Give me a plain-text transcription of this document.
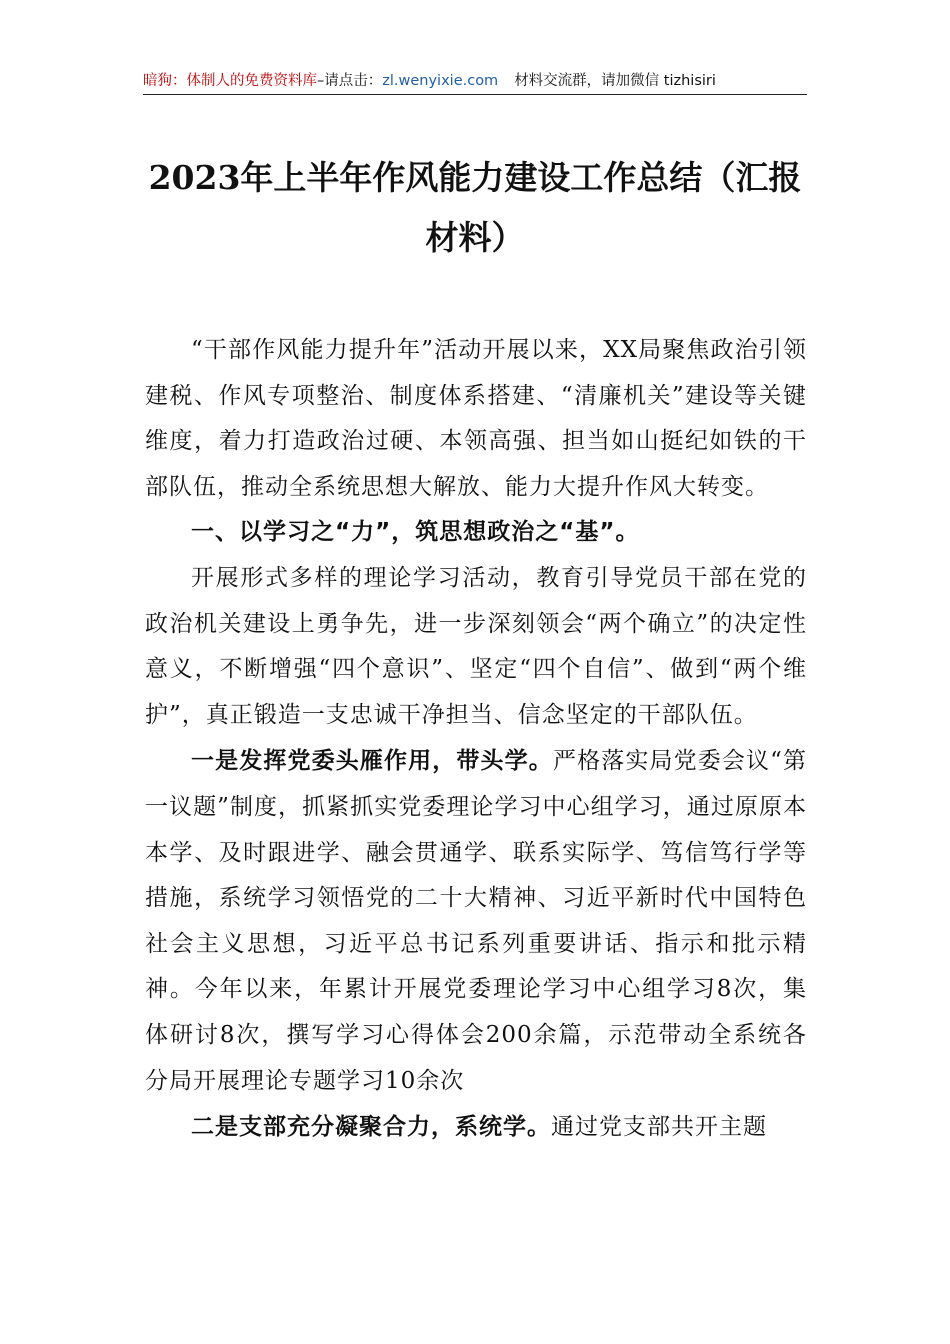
暗狗：体制人的免费资料库–请点击：zl.wenyixie.com 材料交流群，请加微信 tizhisiri
2023年上半年作风能力建设工作总结（汇报材料）

“干部作风能力提升年”活动开展以来，XX局聚焦政治引领建税、作风专项整治、制度体系搭建、“清廉机关”建设等关键维度，着力打造政治过硬、本领高强、担当如山挺纪如铁的干部队伍，推动全系统思想大解放、能力大提升作风大转变。

一、以学习之“力”，筑思想政治之“基”。

开展形式多样的理论学习活动，教育引导党员干部在党的政治机关建设上勇争先，进一步深刻领会“两个确立”的决定性意义，不断增强“四个意识”、坚定“四个自信”、做到“两个维护”，真正锻造一支忠诚干净担当、信念坚定的干部队伍。

一是发挥党委头雁作用，带头学。严格落实局党委会议“第一议题”制度，抓紧抓实党委理论学习中心组学习，通过原原本本学、及时跟进学、融会贯通学、联系实际学、笃信笃行学等措施，系统学习领悟党的二十大精神、习近平新时代中国特色社会主义思想，习近平总书记系列重要讲话、指示和批示精神。今年以来，年累计开展党委理论学习中心组学习8次，集体研讨8次，撰写学习心得体会200余篇，示范带动全系统各分局开展理论专题学习10余次

二是支部充分凝聚合力，系统学。通过党支部共开主题
